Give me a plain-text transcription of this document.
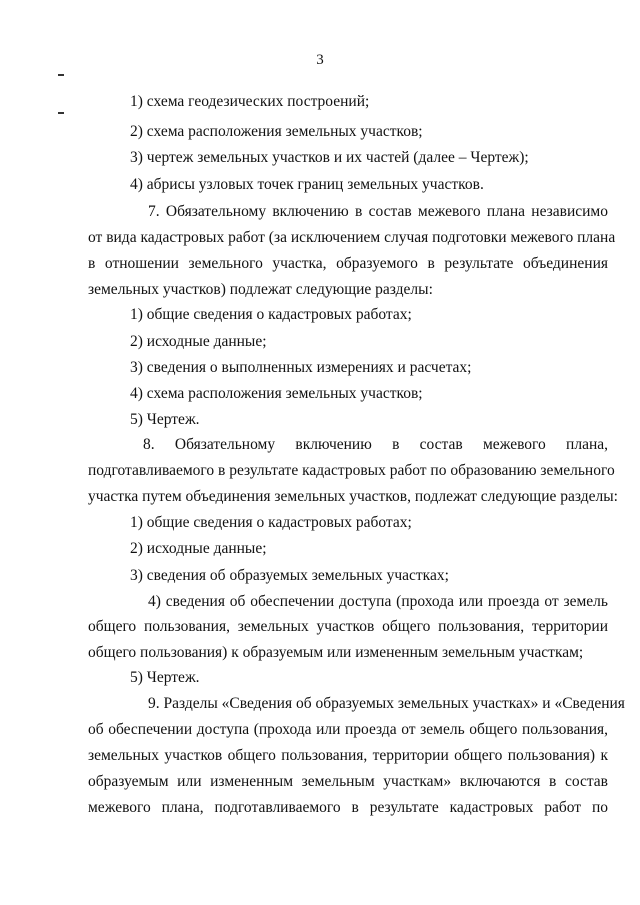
3
1) схема геодезических построений;
2) схема расположения земельных участков;
3) чертеж земельных участков и их частей (далее – Чертеж);
4) абрисы узловых точек границ земельных участков.
7. Обязательному включению в состав межевого плана независимо
от вида кадастровых работ (за исключением случая подготовки межевого плана
в отношении земельного участка, образуемого в результате объединения
земельных участков) подлежат следующие разделы:
1) общие сведения о кадастровых работах;
2) исходные данные;
3) сведения о выполненных измерениях и расчетах;
4) схема расположения земельных участков;
5) Чертеж.
8. Обязательному включению в состав межевого плана,
подготавливаемого в результате кадастровых работ по образованию земельного
участка путем объединения земельных участков, подлежат следующие разделы:
1) общие сведения о кадастровых работах;
2) исходные данные;
3) сведения об образуемых земельных участках;
4) сведения об обеспечении доступа (прохода или проезда от земель
общего пользования, земельных участков общего пользования, территории
общего пользования) к образуемым или измененным земельным участкам;
5) Чертеж.
9. Разделы «Сведения об образуемых земельных участках» и «Сведения
об обеспечении доступа (прохода или проезда от земель общего пользования,
земельных участков общего пользования, территории общего пользования) к
образуемым или измененным земельным участкам» включаются в состав
межевого плана, подготавливаемого в результате кадастровых работ по
